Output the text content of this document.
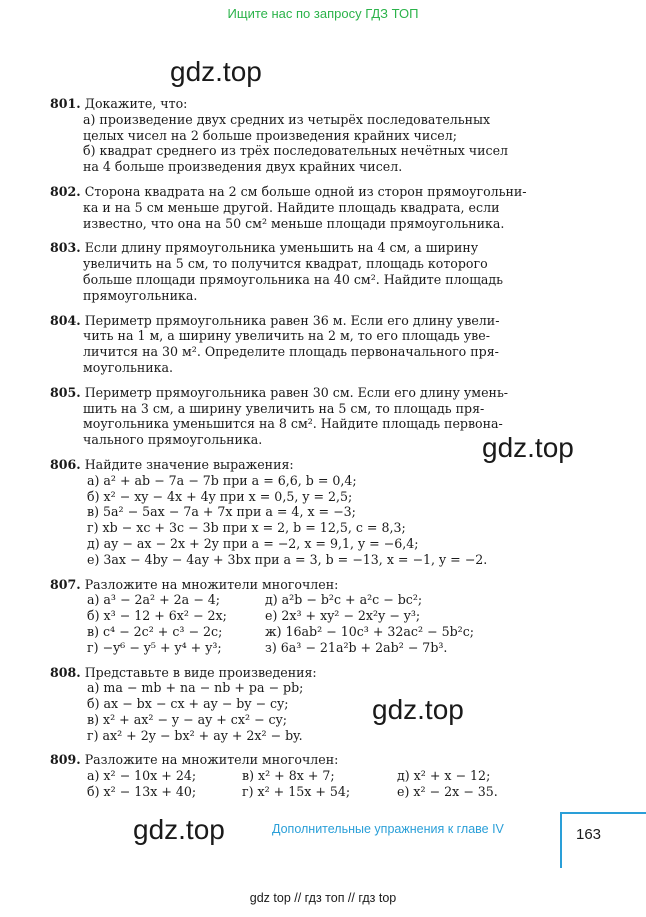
Ищите нас по запросу ГДЗ ТОП
gdz.top
gdz.top
gdz.top
gdz.top
801. Докажите, что:
а) произведение двух средних из четырёх последовательных
целых чисел на 2 больше произведения крайних чисел;
б) квадрат среднего из трёх последовательных нечётных чисел
на 4 больше произведения двух крайних чисел.
802. Сторона квадрата на 2 см больше одной из сторон прямоугольни-
ка и на 5 см меньше другой. Найдите площадь квадрата, если
известно, что она на 50 см² меньше площади прямоугольника.
803. Если длину прямоугольника уменьшить на 4 см, а ширину
увеличить на 5 см, то получится квадрат, площадь которого
больше площади прямоугольника на 40 см². Найдите площадь
прямоугольника.
804. Периметр прямоугольника равен 36 м. Если его длину увели-
чить на 1 м, а ширину увеличить на 2 м, то его площадь уве-
личится на 30 м². Определите площадь первоначального пря-
моугольника.
805. Периметр прямоугольника равен 30 см. Если его длину умень-
шить на 3 см, а ширину увеличить на 5 см, то площадь пря-
моугольника уменьшится на 8 см². Найдите площадь первона-
чального прямоугольника.
806. Найдите значение выражения:
а) a² + ab − 7a − 7b при a = 6,6, b = 0,4;
б) x² − xy − 4x + 4y при x = 0,5, y = 2,5;
в) 5a² − 5ax − 7a + 7x при a = 4, x = −3;
г) xb − xc + 3c − 3b при x = 2, b = 12,5, c = 8,3;
д) ay − ax − 2x + 2y при a = −2, x = 9,1, y = −6,4;
е) 3ax − 4by − 4ay + 3bx при a = 3, b = −13, x = −1, y = −2.
807. Разложите на множители многочлен:
а) a³ − 2a² + 2a − 4;	д) a²b − b²c + a²c − bc²;
б) x³ − 12 + 6x² − 2x;	е) 2x³ + xy² − 2x²y − y³;
в) c⁴ − 2c² + c³ − 2c;	ж) 16ab² − 10c³ + 32ac² − 5b²c;
г) −y⁶ − y⁵ + y⁴ + y³;	з) 6a³ − 21a²b + 2ab² − 7b³.
808. Представьте в виде произведения:
а) ma − mb + na − nb + pa − pb;
б) ax − bx − cx + ay − by − cy;
в) x² + ax² − y − ay + cx² − cy;
г) ax² + 2y − bx² + ay + 2x² − by.
809. Разложите на множители многочлен:
а) x² − 10x + 24;	в) x² + 8x + 7;	д) x² + x − 12;
б) x² − 13x + 40;	г) x² + 15x + 54;	е) x² − 2x − 35.
Дополнительные упражнения к главе IV	163
gdz top // гдз топ // гдз top
